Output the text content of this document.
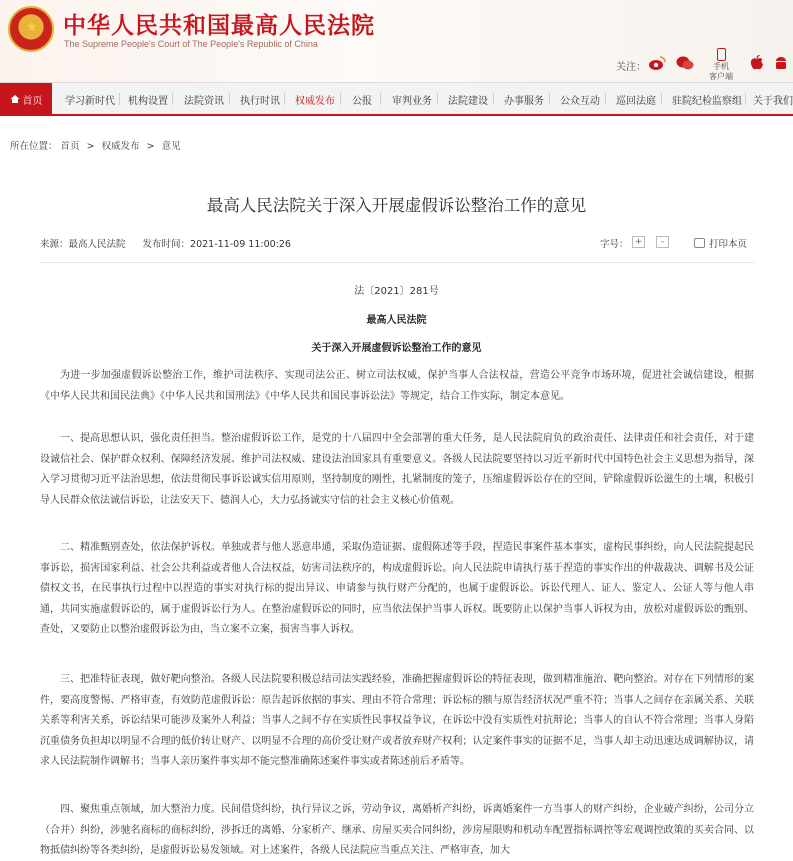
★ 中华人民共和国最高人民法院
The Supreme People's Court of The People's Republic of China
关注：	手机
客户端
首页 学习新时代 机构设置 法院资讯 执行时讯 权威发布 公报 审判业务 法院建设 办事服务 公众互动 巡回法庭 驻院纪检监察组 关于我们
所在位置： 首页 > 权威发布 > 意见
最高人民法院关于深入开展虚假诉讼整治工作的意见
来源：最高人民法院 发布时间：2021-11-09 11:00:26	字号： +	-	打印本页
法〔2021〕281号
最高人民法院
关于深入开展虚假诉讼整治工作的意见

为进一步加强虚假诉讼整治工作，维护司法秩序、实现司法公正、树立司法权威，保护当事人合法权益，营造公平竞争市场环境，促进社会诚信建设，根据《中华人民共和国民法典》《中华人民共和国刑法》《中华人民共和国民事诉讼法》等规定，结合工作实际，制定本意见。

一、提高思想认识，强化责任担当。整治虚假诉讼工作，是党的十八届四中全会部署的重大任务，是人民法院肩负的政治责任、法律责任和社会责任，对于建设诚信社会、保护群众权利、保障经济发展、维护司法权威、建设法治国家具有重要意义。各级人民法院要坚持以习近平新时代中国特色社会主义思想为指导，深入学习贯彻习近平法治思想，依法贯彻民事诉讼诚实信用原则，坚持制度的刚性，扎紧制度的笼子，压缩虚假诉讼存在的空间，铲除虚假诉讼滋生的土壤，积极引导人民群众依法诚信诉讼，让法安天下、德润人心，大力弘扬诚实守信的社会主义核心价值观。

二、精准甄别查处，依法保护诉权。单独或者与他人恶意串通，采取伪造证据、虚假陈述等手段，捏造民事案件基本事实，虚构民事纠纷，向人民法院提起民事诉讼，损害国家利益、社会公共利益或者他人合法权益，妨害司法秩序的，构成虚假诉讼。向人民法院申请执行基于捏造的事实作出的仲裁裁决、调解书及公证债权文书，在民事执行过程中以捏造的事实对执行标的提出异议、申请参与执行财产分配的，也属于虚假诉讼。诉讼代理人、证人、鉴定人、公证人等与他人串通，共同实施虚假诉讼的，属于虚假诉讼行为人。在整治虚假诉讼的同时，应当依法保护当事人诉权。既要防止以保护当事人诉权为由，放松对虚假诉讼的甄别、查处，又要防止以整治虚假诉讼为由，当立案不立案，损害当事人诉权。

三、把准特征表现，做好靶向整治。各级人民法院要积极总结司法实践经验，准确把握虚假诉讼的特征表现，做到精准施治、靶向整治。对存在下列情形的案件，要高度警惕、严格审查，有效防范虚假诉讼：原告起诉依据的事实、理由不符合常理；诉讼标的额与原告经济状况严重不符；当事人之间存在亲属关系、关联关系等利害关系，诉讼结果可能涉及案外人利益；当事人之间不存在实质性民事权益争议，在诉讼中没有实质性对抗辩论；当事人的自认不符合常理；当事人身陷沉重债务负担却以明显不合理的低价转让财产、以明显不合理的高价受让财产或者放弃财产权利；认定案件事实的证据不足，当事人却主动迅速达成调解协议，请求人民法院制作调解书；当事人亲历案件事实却不能完整准确陈述案件事实或者陈述前后矛盾等。

四、聚焦重点领域，加大整治力度。民间借贷纠纷，执行异议之诉，劳动争议，离婚析产纠纷，诉离婚案件一方当事人的财产纠纷，企业破产纠纷，公司分立（合并）纠纷，涉驰名商标的商标纠纷，涉拆迁的离婚、分家析产、继承、房屋买卖合同纠纷，涉房屋限购和机动车配置指标调控等宏观调控政策的买卖合同、以物抵债纠纷等各类纠纷，是虚假诉讼易发领域。对上述案件，各级人民法院应当重点关注、严格审查，加大
